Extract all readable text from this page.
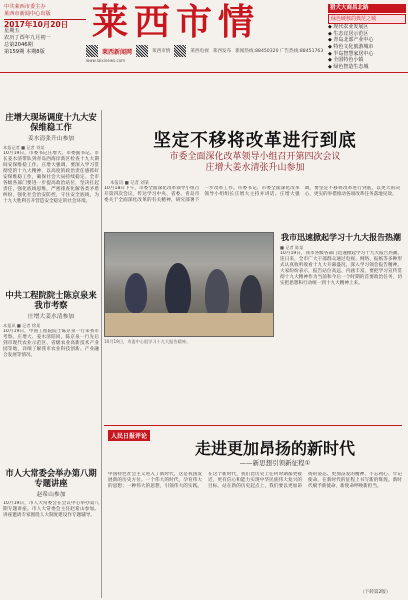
中共莱西市委主办
莱西市新闻中心出版
2017年10月20日
星期五
农历丁酉年九月初一
总第2046期
第159期 本期8版
莱西市情	猎犬大商昌北路
绿色硬核的典范之城
◆ 现代农业发展区
◆ 生态宜居示范区
◆ 青岛北部产业中心
◆ 特色文化旅游城市
◆ 半岛智慧家居中心
◆ 全国特色小镇
◆ 绿色智造生态城
莱西新闻网	莱西市情	莱西电视 莱西发布 新闻热线:88450320 广告热线:88451763
www.laixinews.com
庄增大现场调度十九大安保维稳工作
姜水清张升山参加
本报记者 ■ 记者 刘某
10月19日，市委书记庄增大、市委副书记、市长姜水清带队到青岛西海岸新区检查十九大期间安保维稳工作。庄增大强调，要深入学习贯彻党的十九大精神，以高度的政治责任感抓好安保维稳工作，确保社会大局持续稳定。全市各级各部门要进一步提高政治站位，坚决扛起责任，强化底线思维，严密排查化解各类矛盾纠纷，强化社会治安防控，守住安全底线，为十九大胜利召开营造安全稳定的社会环境。
中共工程院院士陈京泉来我市考察
庄增大姜水清参加
本报讯 ■ 记者 徐某
10月19日，中国工程院院士陈京泉一行来我市考察。庄增大、姜水清陪同。陈京泉一行先后到市现代农业示范区、省级农业高新技术产业园等地，详细了解我市农业科技创新、产业融合发展等情况。
市人大常委会举办第八期专题讲座
赵希山参加
10月19日，市人大常委会在会议中心举办第八期专题讲座。市人大常委会主任赵希山参加。讲座邀请专家围绕人大制度建设作专题辅导。
坚定不移将改革进行到底
市委全面深化改革领导小组召开第四次会议
庄增大姜水清张升山参加
本报讯 ■ 记者 刘某
10月18日下午，市委全面深化改革领导小组召开第四次会议，传达学习中央、省委、青岛市委关于全面深化改革的有关精神，研究部署下一步改革工作。市委书记、市委全面深化改革领导小组组长庄增大主持并讲话。庄增大强调，要坚定不移将改革进行到底，以更大的决心、更实的举措推动各项改革任务落地见效。
10月19日，市委中心组学习十九大报告精神。
我市迅速掀起学习十九大报告热潮
■ 记者 陈某
10月19日，我市各级各部门迅速掀起学习十九大报告热潮。连日来，全市广大干部群众通过电视、网络、报纸等多种形式认真收听收看十九大开幕盛况，深入学习领会报告精神。大家纷纷表示，报告站位高远、内涵丰富，要把学习宣传贯彻十九大精神作为当前和今后一个时期的首要政治任务，切实把思想和行动统一到十九大精神上来。
人民日报评论
走进更加昂扬的新时代
——新思想引领新征程①
中国特色社会主义进入了新时代，这是我国发展新的历史方位。一个伟大的时代，孕育伟大的思想；一种伟大的思想，引领伟大的实践。在这个新时代，我们比历史上任何时期都更接近、更有信心和能力实现中华民族伟大复兴的目标。站在新的历史起点上，我们要以更加昂扬的姿态、更加奋发的精神，不忘初心、牢记使命，在新时代的征程上书写新的辉煌。新时代赋予新使命，新使命呼唤新担当。
（下转第2版）
